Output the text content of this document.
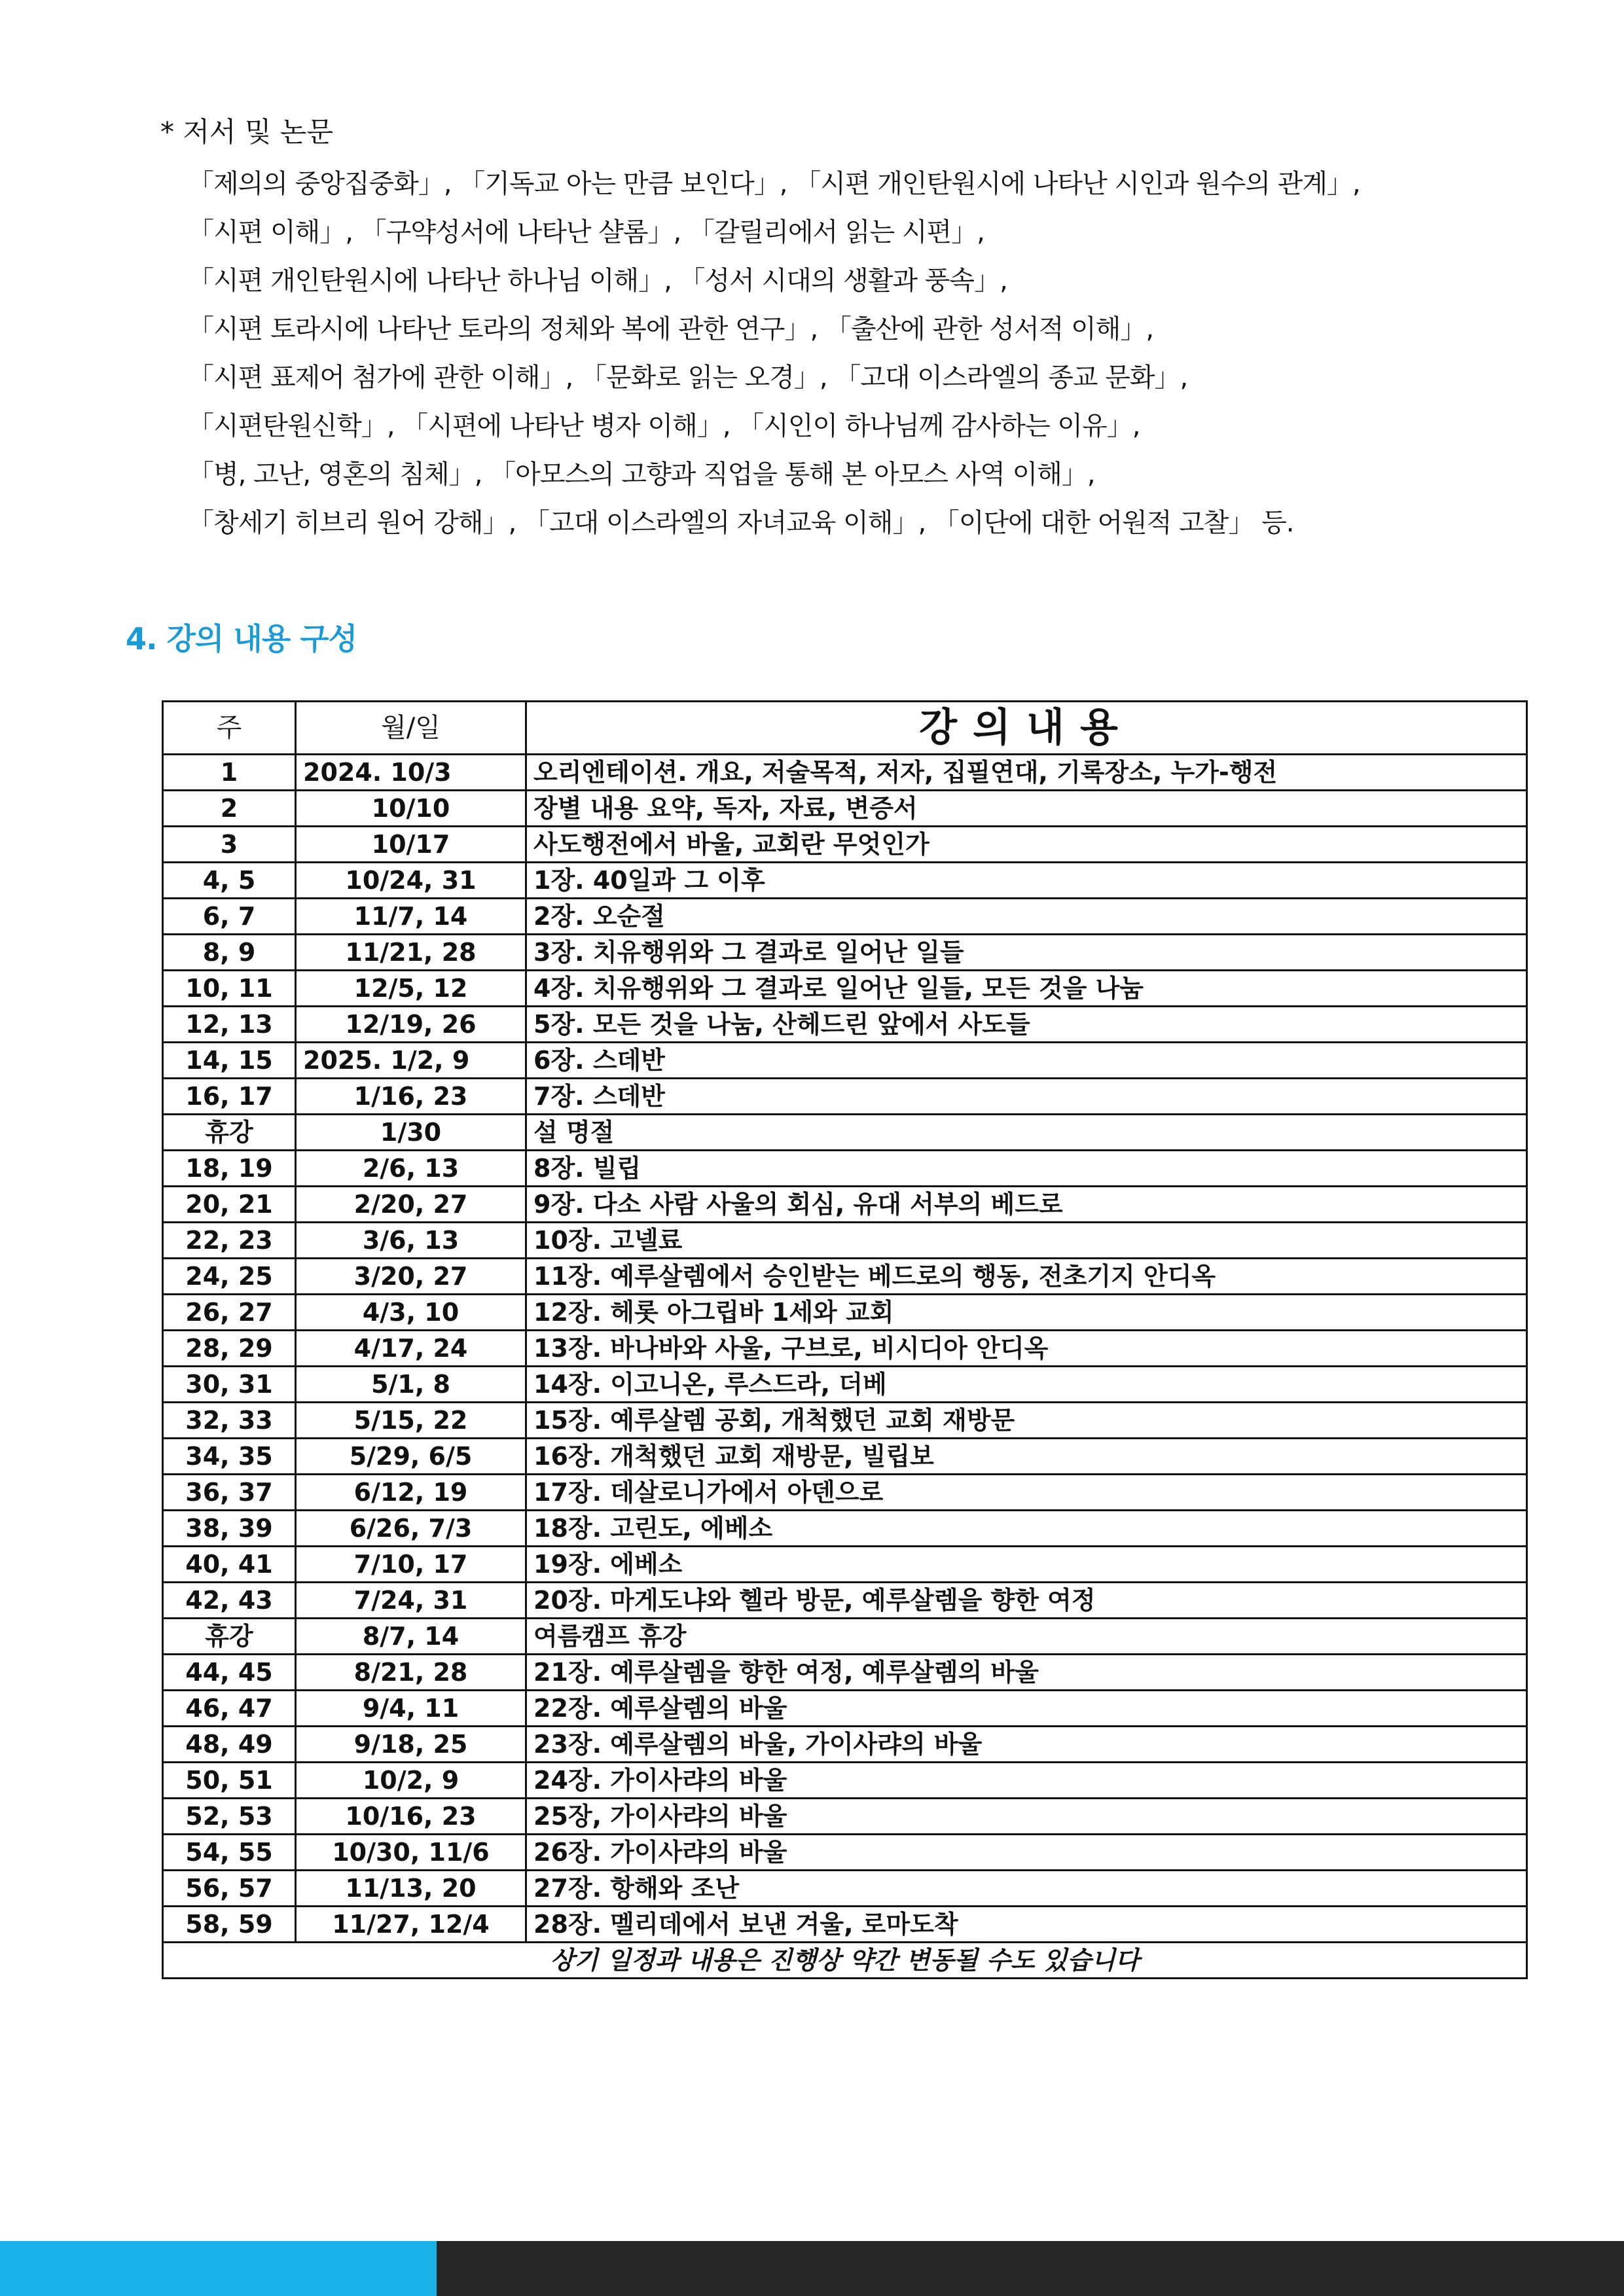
* 저서 및 논문
「제의의 중앙집중화」, 「기독교 아는 만큼 보인다」, 「시편 개인탄원시에 나타난 시인과 원수의 관계」,
「시편 이해」, 「구약성서에 나타난 샬롬」, 「갈릴리에서 읽는 시편」,
「시편 개인탄원시에 나타난 하나님 이해」, 「성서 시대의 생활과 풍속」,
「시편 토라시에 나타난 토라의 정체와 복에 관한 연구」, 「출산에 관한 성서적 이해」,
「시편 표제어 첨가에 관한 이해」, 「문화로 읽는 오경」, 「고대 이스라엘의 종교 문화」,
「시편탄원신학」, 「시편에 나타난 병자 이해」, 「시인이 하나님께 감사하는 이유」,
「병, 고난, 영혼의 침체」, 「아모스의 고향과 직업을 통해 본 아모스 사역 이해」,
「창세기 히브리 원어 강해」, 「고대 이스라엘의 자녀교육 이해」, 「이단에 대한 어원적 고찰」 등.
4. 강의 내용 구성
주	월/일	강의내용
1	2024. 10/3	오리엔테이션. 개요, 저술목적, 저자, 집필연대, 기록장소, 누가-행전
2	10/10	장별 내용 요약, 독자, 자료, 변증서
3	10/17	사도행전에서 바울, 교회란 무엇인가
4, 5	10/24, 31	1장. 40일과 그 이후
6, 7	11/7, 14	2장. 오순절
8, 9	11/21, 28	3장. 치유행위와 그 결과로 일어난 일들
10, 11	12/5, 12	4장. 치유행위와 그 결과로 일어난 일들, 모든 것을 나눔
12, 13	12/19, 26	5장. 모든 것을 나눔, 산헤드린 앞에서 사도들
14, 15	2025. 1/2, 9	6장. 스데반
16, 17	1/16, 23	7장. 스데반
휴강	1/30	설 명절
18, 19	2/6, 13	8장. 빌립
20, 21	2/20, 27	9장. 다소 사람 사울의 회심, 유대 서부의 베드로
22, 23	3/6, 13	10장. 고넬료
24, 25	3/20, 27	11장. 예루살렘에서 승인받는 베드로의 행동, 전초기지 안디옥
26, 27	4/3, 10	12장. 헤롯 아그립바 1세와 교회
28, 29	4/17, 24	13장. 바나바와 사울, 구브로, 비시디아 안디옥
30, 31	5/1, 8	14장. 이고니온, 루스드라, 더베
32, 33	5/15, 22	15장. 예루살렘 공회, 개척했던 교회 재방문
34, 35	5/29, 6/5	16장. 개척했던 교회 재방문, 빌립보
36, 37	6/12, 19	17장. 데살로니가에서 아덴으로
38, 39	6/26, 7/3	18장. 고린도, 에베소
40, 41	7/10, 17	19장. 에베소
42, 43	7/24, 31	20장. 마게도냐와 헬라 방문, 예루살렘을 향한 여정
휴강	8/7, 14	여름캠프 휴강
44, 45	8/21, 28	21장. 예루살렘을 향한 여정, 예루살렘의 바울
46, 47	9/4, 11	22장. 예루살렘의 바울
48, 49	9/18, 25	23장. 예루살렘의 바울, 가이사랴의 바울
50, 51	10/2, 9	24장. 가이사랴의 바울
52, 53	10/16, 23	25장, 가이사랴의 바울
54, 55	10/30, 11/6	26장. 가이사랴의 바울
56, 57	11/13, 20	27장. 항해와 조난
58, 59	11/27, 12/4	28장. 멜리데에서 보낸 겨울, 로마도착
상기 일정과 내용은 진행상 약간 변동될 수도 있습니다		
